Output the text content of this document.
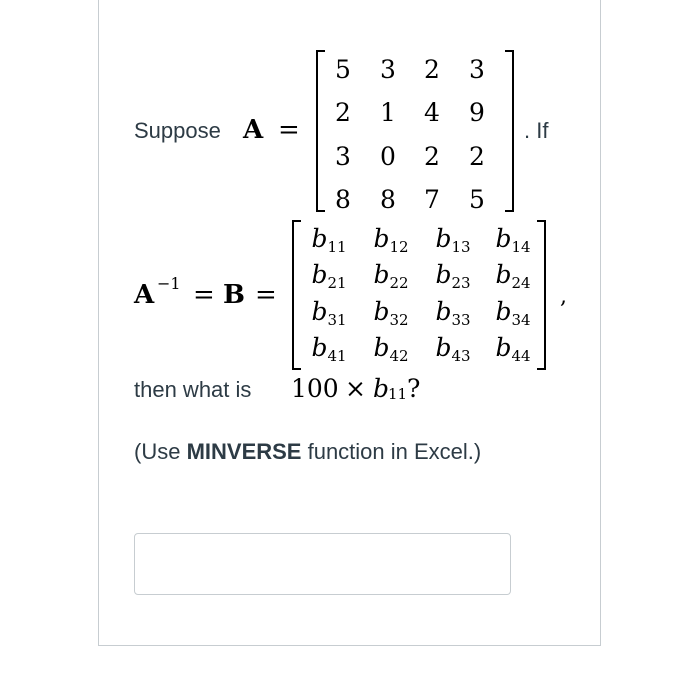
Suppose A =
5	3	2	3
2	1	4	9
3	0	2	2
8	8	7	5
. If
A −1 = B =
$b_{11}$	$b_{12}$	$b_{13}$ $b_{14}$
$b_{21}$	$b_{22}$	$b_{23}$ $b_{24}$
$b_{31}$	$b_{32}$	$b_{33}$ $b_{34}$
$b_{41}$	$b_{42}$	$b_{43}$ $b_{44}$
,
then what is 100 × b
11 ?
(Use MINVERSE function in Excel.)
